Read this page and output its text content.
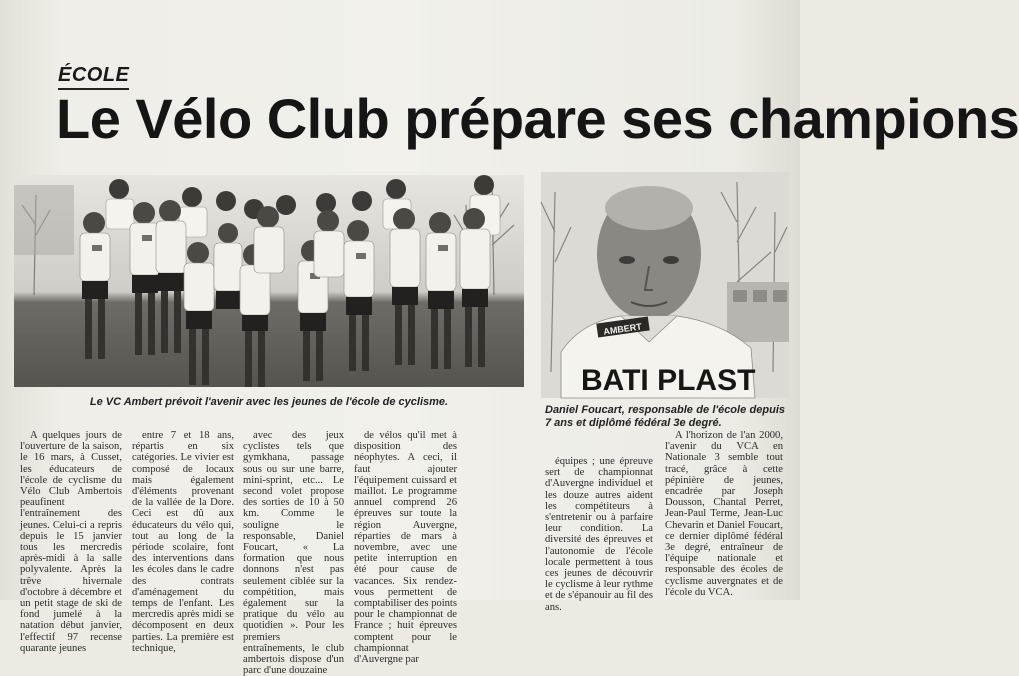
ÉCOLE
Le Vélo Club prépare ses champions
AMBERT
BATI PLAST
Le VC Ambert prévoit l'avenir avec les jeunes de l'école de cyclisme.
Daniel Foucart, responsable de l'école depuis 7 ans et diplômé fédéral 3e degré.

A quelques jours de l'ouverture de la saison, le 16 mars, à Cusset, les éducateurs de l'école de cyclisme du Vélo Club Ambertois peaufinent l'entraînement des jeunes. Celui-ci a repris depuis le 15 janvier tous les mercredis après-midi à la salle polyvalente. Après la trêve hivernale d'octobre à décembre et un petit stage de ski de fond jumelé à la natation début janvier, l'effectif 97 recense quarante jeunes

entre 7 et 18 ans, répartis en six catégories. Le vivier est composé de locaux mais également d'éléments provenant de la vallée de la Dore. Ceci est dû aux éducateurs du vélo qui, tout au long de la période scolaire, font des interventions dans les écoles dans le cadre des contrats d'aménagement du temps de l'enfant. Les mercredis après midi se décomposent en deux parties. La première est technique,

avec des jeux cyclistes tels que gymkhana, passage sous ou sur une barre, mini-sprint, etc... Le second volet propose des sorties de 10 à 50 km. Comme le souligne le responsable, Daniel Foucart, « La formation que nous donnons n'est pas seulement ciblée sur la compétition, mais également sur la pratique du vélo au quotidien ». Pour les premiers entraînements, le club ambertois dispose d'un parc d'une douzaine

de vélos qu'il met à disposition des néophytes. A ceci, il faut ajouter l'équipement cuissard et maillot. Le programme annuel comprend 26 épreuves sur toute la région Auvergne, réparties de mars à novembre, avec une petite interruption en été pour cause de vacances. Six rendez-vous permettent de comptabiliser des points pour le championnat de France ; huit épreuves comptent pour le championnat d'Auvergne par

équipes ; une épreuve sert de championnat d'Auvergne individuel et les douze autres aident les compétiteurs à s'entretenir ou à parfaire leur condition. La diversité des épreuves et l'autonomie de l'école locale permettent à tous ces jeunes de découvrir le cyclisme à leur rythme et de s'épanouir au fil des ans.

A l'horizon de l'an 2000, l'avenir du VCA en Nationale 3 semble tout tracé, grâce à cette pépinière de jeunes, encadrée par Joseph Dousson, Chantal Perret, Jean-Paul Terme, Jean-Luc Chevarin et Daniel Foucart, ce dernier diplômé fédéral 3e degré, entraîneur de l'équipe nationale et responsable des écoles de cyclisme auvergnates et de l'école du VCA.
